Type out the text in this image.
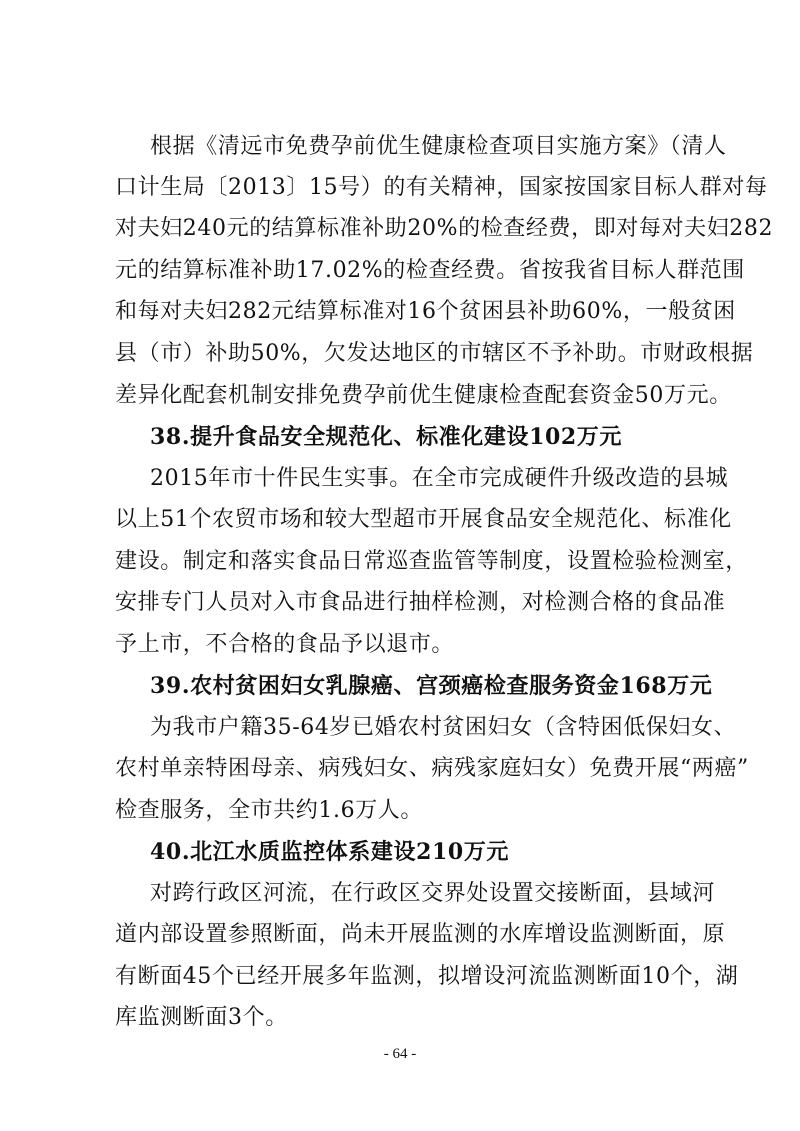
根据《清远市免费孕前优生健康检查项目实施方案》（清人
口计生局〔2013〕15号）的有关精神，国家按国家目标人群对每
对夫妇240元的结算标准补助20%的检查经费，即对每对夫妇282
元的结算标准补助17.02%的检查经费。省按我省目标人群范围
和每对夫妇282元结算标准对16个贫困县补助60%，一般贫困
县（市）补助50%，欠发达地区的市辖区不予补助。市财政根据
差异化配套机制安排免费孕前优生健康检查配套资金50万元。
38.提升食品安全规范化、标准化建设102万元
2015年市十件民生实事。在全市完成硬件升级改造的县城
以上51个农贸市场和较大型超市开展食品安全规范化、标准化
建设。制定和落实食品日常巡查监管等制度，设置检验检测室，
安排专门人员对入市食品进行抽样检测，对检测合格的食品准
予上市，不合格的食品予以退市。
39.农村贫困妇女乳腺癌、宫颈癌检查服务资金168万元
为我市户籍35-64岁已婚农村贫困妇女（含特困低保妇女、
农村单亲特困母亲、病残妇女、病残家庭妇女）免费开展“两癌”
检查服务，全市共约1.6万人。
40.北江水质监控体系建设210万元
对跨行政区河流，在行政区交界处设置交接断面，县域河
道内部设置参照断面，尚未开展监测的水库增设监测断面，原
有断面45个已经开展多年监测，拟增设河流监测断面10个，湖
库监测断面3个。
- 64 -
